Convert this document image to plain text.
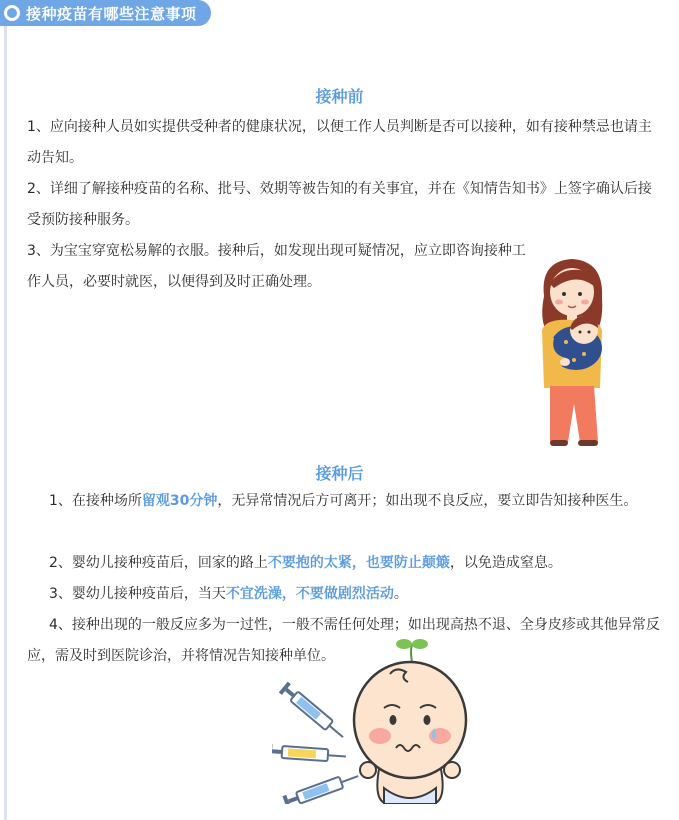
接种疫苗有哪些注意事项
接种前

1、应向接种人员如实提供受种者的健康状况，以便工作人员判断是否可以接种，如有接种禁忌也请主动告知。

2、详细了解接种疫苗的名称、批号、效期等被告知的有关事宜，并在《知情告知书》上签字确认后接受预防接种服务。

3、为宝宝穿宽松易解的衣服。接种后，如发现出现可疑情况，应立即咨询接种工作人员，必要时就医，以便得到及时正确处理。

接种后

1、在接种场所留观30分钟，无异常情况后方可离开；如出现不良反应，要立即告知接种医生。

2、婴幼儿接种疫苗后，回家的路上不要抱的太紧，也要防止颠簸，以免造成窒息。

3、婴幼儿接种疫苗后，当天不宜洗澡，不要做剧烈活动。

4、接种出现的一般反应多为一过性，一般不需任何处理；如出现高热不退、全身皮疹或其他异常反应，需及时到医院诊治，并将情况告知接种单位。
